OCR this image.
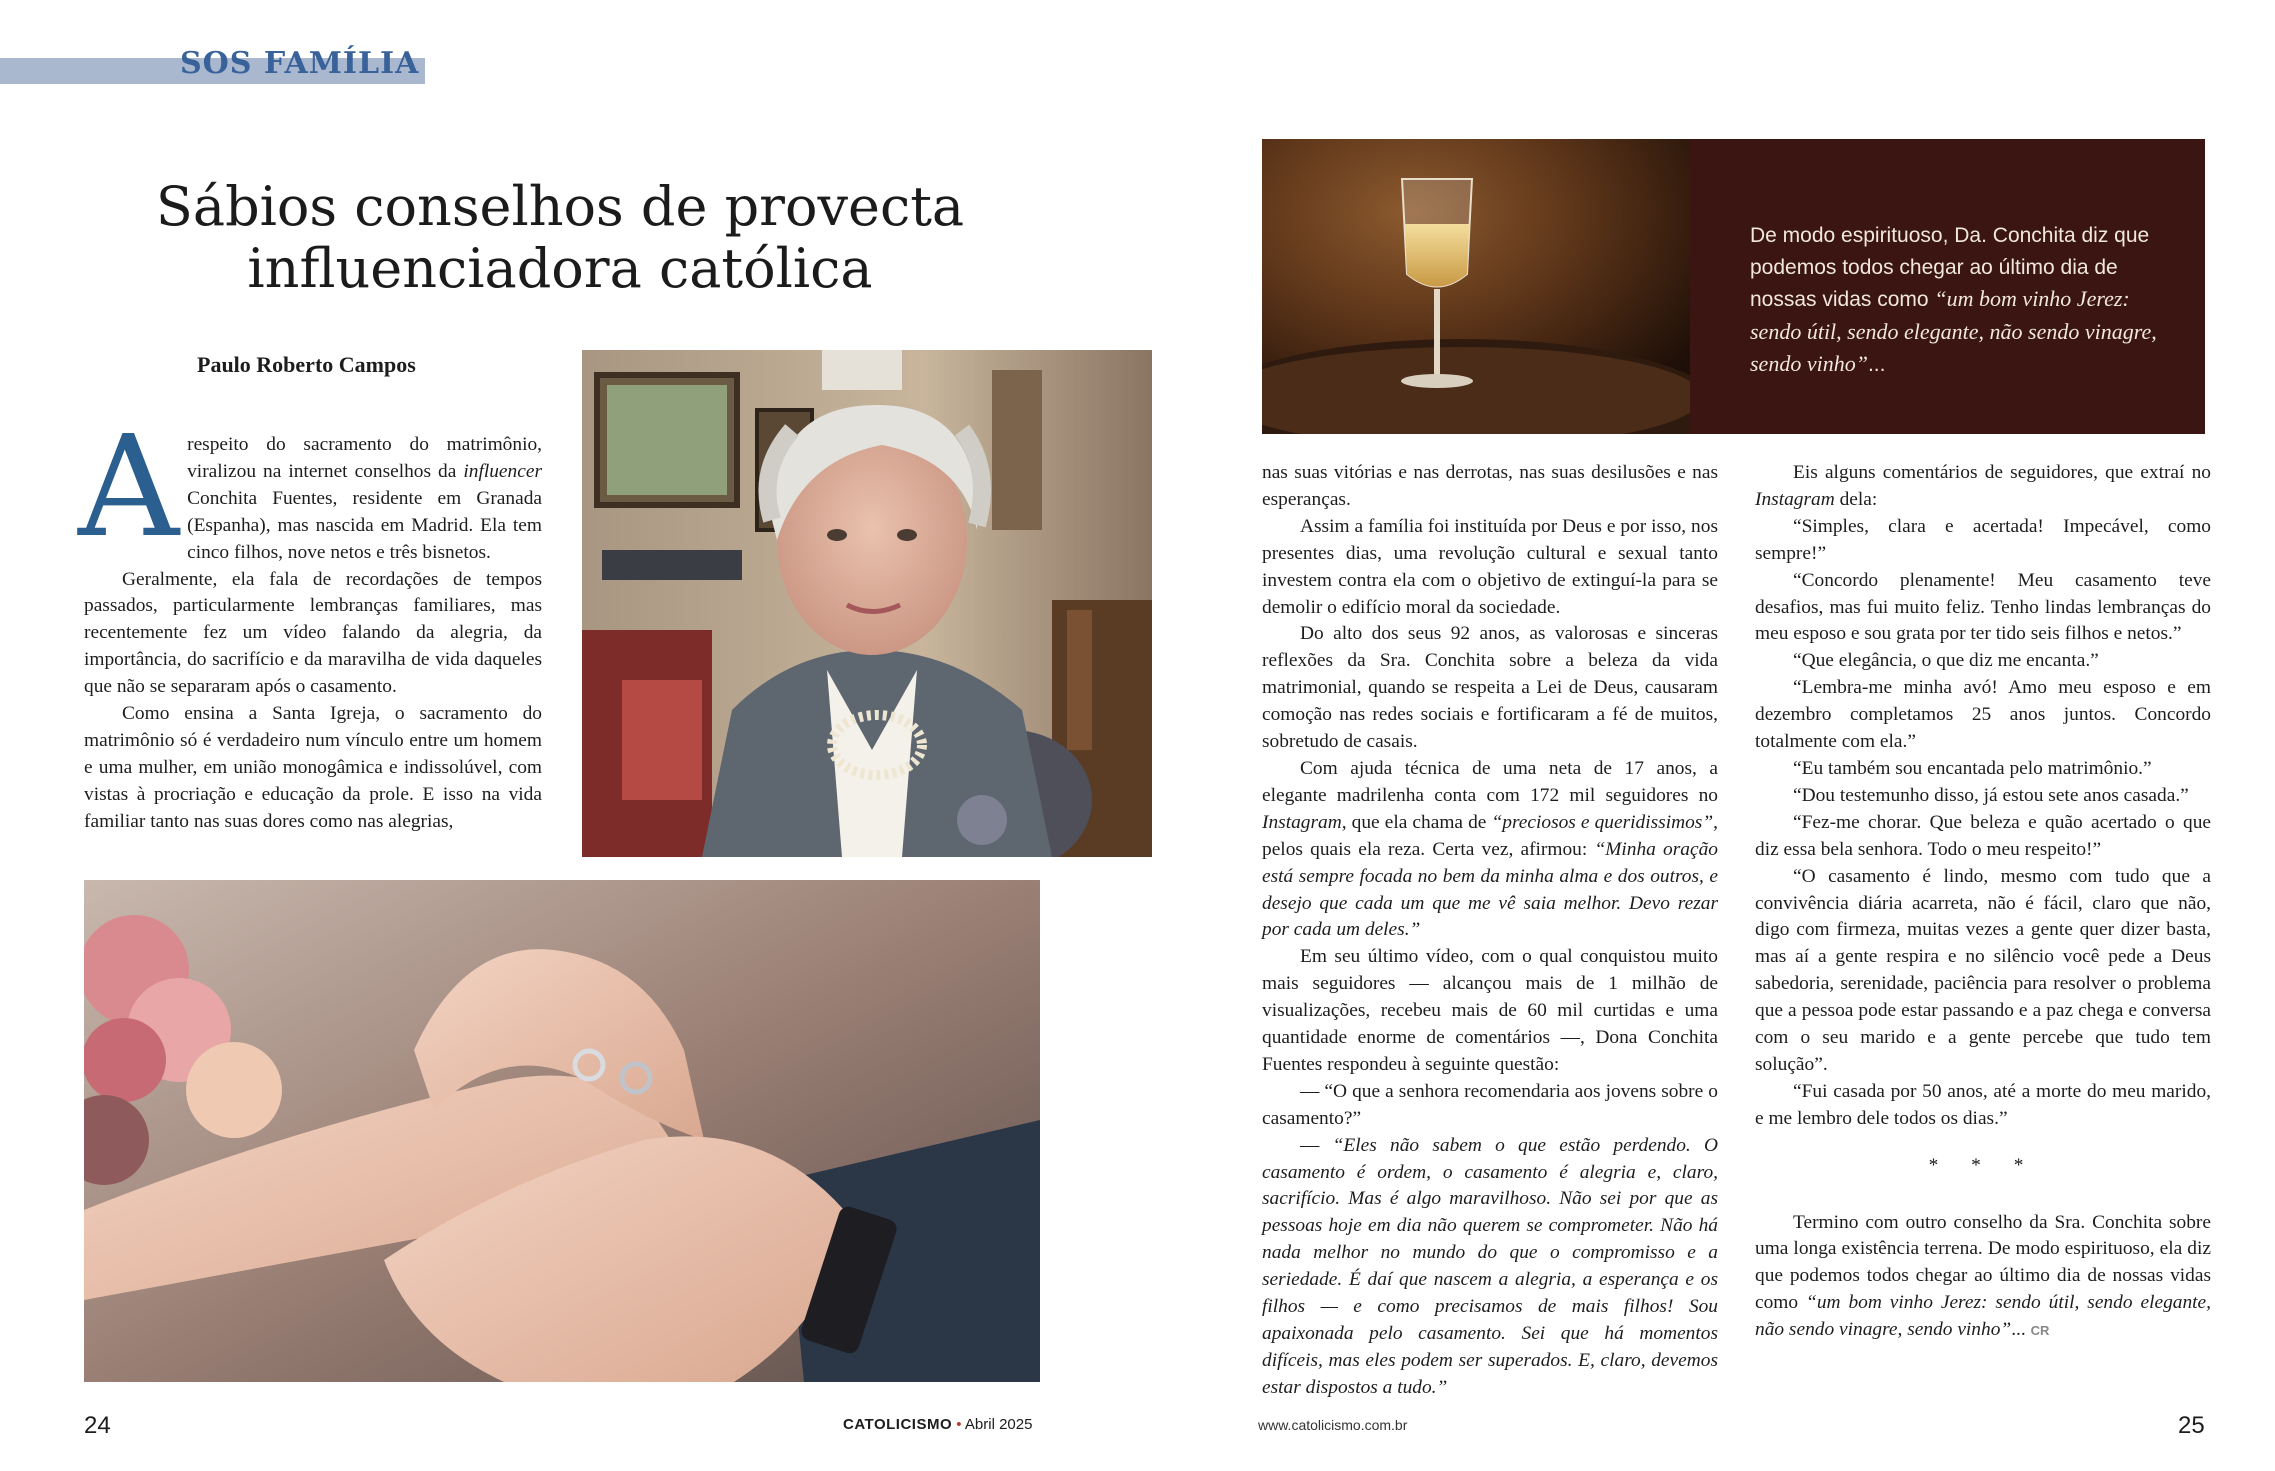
SOS FAMÍLIA
Sábios conselhos de provecta
influenciadora católica
Paulo Roberto Campos

A respeito do sacramento do matrimônio, viralizou na internet conselhos da influencer Conchita Fuentes, residente em Granada (Espanha), mas nascida em Madrid. Ela tem cinco filhos, nove netos e três bisnetos.

Geralmente, ela fala de recordações de tempos passados, particularmente lembranças familiares, mas recentemente fez um vídeo falando da alegria, da importância, do sacrifício e da maravilha de vida daqueles que não se separaram após o casamento.

Como ensina a Santa Igreja, o sacramento do matrimônio só é verdadeiro num vínculo entre um homem e uma mulher, em união monogâmica e indissolúvel, com vistas à procriação e educação da prole. E isso na vida familiar tanto nas suas dores como nas alegrias,

De modo espirituoso, Da. Conchita diz que podemos todos chegar ao último dia de nossas vidas como “um bom vinho Jerez: sendo útil, sendo elegante, não sendo vinagre, sendo vinho”...

nas suas vitórias e nas derrotas, nas suas desilusões e nas esperanças.

Assim a família foi instituída por Deus e por isso, nos presentes dias, uma revolução cultural e sexual tanto investem contra ela com o objetivo de extinguí-la para se demolir o edifício moral da sociedade.

Do alto dos seus 92 anos, as valorosas e sinceras reflexões da Sra. Conchita sobre a beleza da vida matrimonial, quando se respeita a Lei de Deus, causaram comoção nas redes sociais e fortificaram a fé de muitos, sobretudo de casais.

Com ajuda técnica de uma neta de 17 anos, a elegante madrilenha conta com 172 mil seguidores no Instagram, que ela chama de “preciosos e queridissimos”, pelos quais ela reza. Certa vez, afirmou: “Minha oração está sempre focada no bem da minha alma e dos outros, e desejo que cada um que me vê saia melhor. Devo rezar por cada um deles.”

Em seu último vídeo, com o qual conquistou muito mais seguidores — alcançou mais de 1 milhão de visualizações, recebeu mais de 60 mil curtidas e uma quantidade enorme de comentários —, Dona Conchita Fuentes respondeu à seguinte questão:

— “O que a senhora recomendaria aos jovens sobre o casamento?”

— “Eles não sabem o que estão perdendo. O casamento é ordem, o casamento é alegria e, claro, sacrifício. Mas é algo maravilhoso. Não sei por que as pessoas hoje em dia não querem se comprometer. Não há nada melhor no mundo do que o compromisso e a seriedade. É daí que nascem a alegria, a esperança e os filhos — e como precisamos de mais filhos! Sou apaixonada pelo casamento. Sei que há momentos difíceis, mas eles podem ser superados. E, claro, devemos estar dispostos a tudo.”

Eis alguns comentários de seguidores, que extraí no Instagram dela:

“Simples, clara e acertada! Impecável, como sempre!”

“Concordo plenamente! Meu casamento teve desafios, mas fui muito feliz. Tenho lindas lembranças do meu esposo e sou grata por ter tido seis filhos e netos.”

“Que elegância, o que diz me encanta.”

“Lembra-me minha avó! Amo meu esposo e em dezembro completamos 25 anos juntos. Concordo totalmente com ela.”

“Eu também sou encantada pelo matrimônio.”

“Dou testemunho disso, já estou sete anos casada.”

“Fez-me chorar. Que beleza e quão acertado o que diz essa bela senhora. Todo o meu respeito!”

“O casamento é lindo, mesmo com tudo que a convivência diária acarreta, não é fácil, claro que não, digo com firmeza, muitas vezes a gente quer dizer basta, mas aí a gente respira e no silêncio você pede a Deus sabedoria, serenidade, paciência para resolver o problema que a pessoa pode estar passando e a paz chega e conversa com o seu marido e a gente percebe que tudo tem solução”.

“Fui casada por 50 anos, até a morte do meu marido, e me lembro dele todos os dias.”

* * *

Termino com outro conselho da Sra. Conchita sobre uma longa existência terrena. De modo espirituoso, ela diz que podemos todos chegar ao último dia de nossas vidas como “um bom vinho Jerez: sendo útil, sendo elegante, não sendo vinagre, sendo vinho”... CR

24	CATOLICISMO • Abril 2025	www.catolicismo.com.br	25
